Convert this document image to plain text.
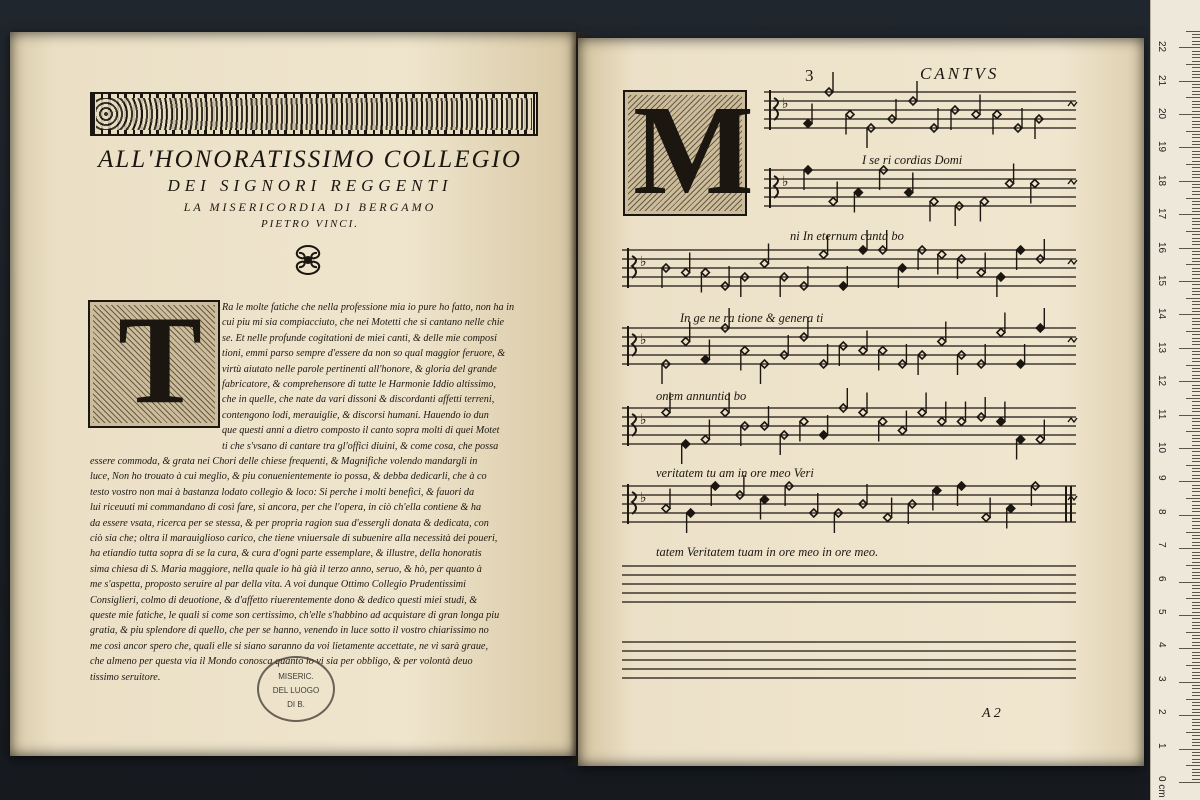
ALL'HONORATISSIMO COLLEGIO
DEI SIGNORI REGGENTI
LA MISERICORDIA DI BERGAMO
PIETRO VINCI.
T Ra le molte fatiche che nella professione mia io pure ho fatto, non ha in
cui piu mi sia compiacciuto, che nei Motetti che si cantano nelle chie
se. Et nelle profunde cogitationi de miei canti, & delle mie composi
tioni, emmi parso sempre d'essere da non so qual maggior feruore, &
virtù aiutato nelle parole pertinenti all'honore, & gloria del grande
fabricatore, & comprehensore di tutte le Harmonie Iddio altissimo,
che in quelle, che nate da vari dissoni & discordanti affetti terreni,
contengono lodi, merauiglie, & discorsi humani. Hauendo io dun
que questi anni a dietro composto il canto sopra molti di quei Motet
ti che s'vsano di cantare tra gl'offici diuini, & come cosa, che possa
essere commoda, & grata nei Chori delle chiese frequenti, & Magnifiche volendo mandargli in
luce, Non ho trouato à cui meglio, & piu conuenientemente io possa, & debba dedicarli, che à co
testo vostro non mai à bastanza lodato collegio & loco: Si perche i molti benefici, & fauori da
lui riceuuti mi commandano di così fare, si ancora, per che l'opera, in ciò ch'ella contiene & ha
da essere vsata, ricerca per se stessa, & per propria ragion sua d'essergli donata & dedicata, con
ciò sia che; oltra il marauiglioso carico, che tiene vniuersale di subuenire alla necessità dei poueri,
ha etiandio tutta sopra di se la cura, & cura d'ogni parte essemplare, & illustre, della honoratis
sima chiesa di S. Maria maggiore, nella quale io hà già il terzo anno, seruo, & hò, per quanto à
me s'aspetta, proposto seruire al par della vita. A voi dunque Ottimo Collegio Prudentissimi
Consiglieri, colmo di deuotione, & d'affetto riuerentemente dono & dedico questi miei studi, &
queste mie fatiche, le quali si come son certissimo, ch'elle s'habbino ad acquistare di gran longa piu
gratia, & piu splendore di quello, che per se hanno, venendo in luce sotto il vostro chiarissimo no
me così ancor spero che, quali elle si siano saranno da voi lietamente accettate, ne vi sarà graue,
che almeno per questa via il Mondo conosca quanto io vi sia per obbligo, & per volontà deuo
tissimo seruitore.	MISERIC.
DEL LUOGO
DI B.
3	CANTVS
M ♭
♭
♭
♭
♭
♭
I se ri cordias Domi
ni In eternum canta bo
In ge ne ra tione & genera ti
onem annuntia bo
veritatem tu am in ore meo Veri
tatem Veritatem tuam in ore meo in ore meo.
A 2
0 cm
1
2
3
4
5
6
7
8
9
10
11
12
13
14
15
16
17
18
19
20
21
22
